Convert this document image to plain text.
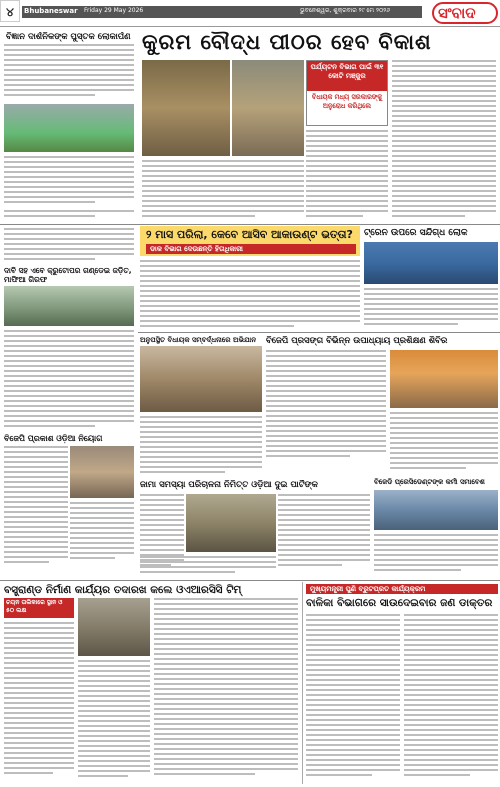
୪	Bhubaneswar Friday 29 May 2026	ଭୁବନେଶ୍ୱର, ଶୁକ୍ରବାର ୨୯ ମେ ୨୦୨୬	ସଂବାଦ
ବିଜ୍ଞାନ ଦାର୍ଶନିକଙ୍କ ପୁସ୍ତକ ଲୋକାର୍ପଣ କୁରମ ବୌଦ୍ଧ ପୀଠର ହେବ ବିକାଶ
ପର୍ଯ୍ୟଟନ ବିଭାଗ ପାଇଁ ୩୧ କୋଟି ମଞ୍ଜୁର
ବିଧାୟକ ମଧ୍ୟ ସରକାରଙ୍କୁ ଅନୁରୋଧ କରିଥିଲେ
୨ ମାସ ପରିଲା, କେବେ ଆସିବ ଆକାଉଣ୍ଟ ଭତ୍ତା?
ଡାକ ବିଭାଗ ଦେଉଛନ୍ତି ହିତାଧିକାରୀ
ଟ୍ରେନ ଉପରେ ସନ୍ଦିଗ୍ଧ ଲୋକ
ଦାବି ସହ ଏବେ କ୍ରୁଟୋପର ଗଣ୍ଡେଇ ଜଡ଼ିତ, ମାଫିଆ ଗିରଫ
ଅନୁପସ୍ଥିତ ବିଧାୟକ ସମ୍ବର୍ଦ୍ଧନାରେ ଅଭିଯାନ	ବିଜେପି ପ୍ରସଙ୍ଗ ବିଭିନ୍ନ ଉପାଧ୍ୟାୟ ପ୍ରଶିକ୍ଷଣ ଶିବିର
ବିଜେପି ପ୍ରକାଶ ଓଡ଼ିଆ ନିୟୋଗ
ଜାମା ସମସ୍ୟା ପରିଚାଳନା ନିମିତ୍ତ ଓଡ଼ିଆ ଦୁଇ ପାର୍ଟିଙ୍କ	ବିଜେଡି ପ୍ରେସିଡେଣ୍ଟଙ୍କ କର୍ମୀ ସମାବେଶ
ବସ୍ତ୍ରାଣ୍ଡ ନିର୍ମାଣ କାର୍ଯ୍ୟର ତଦାରଖ କଲେ ଓଏଆରସିସି ଟିମ୍
ଚୟନ ତାଲିକାରେ ସ୍ଥାନ ଓ ୫୦ ଲକ୍ଷ
ମୁଖ୍ୟମନ୍ତ୍ରୀ ପୁଣି ବ୍ରୁଟପ୍ରତ କାର୍ଯ୍ୟକ୍ରମ
ବାଳିକା ବିଭାଗରେ ସାଉଦେଇବାର ଜଣ ଡାକ୍ତର
